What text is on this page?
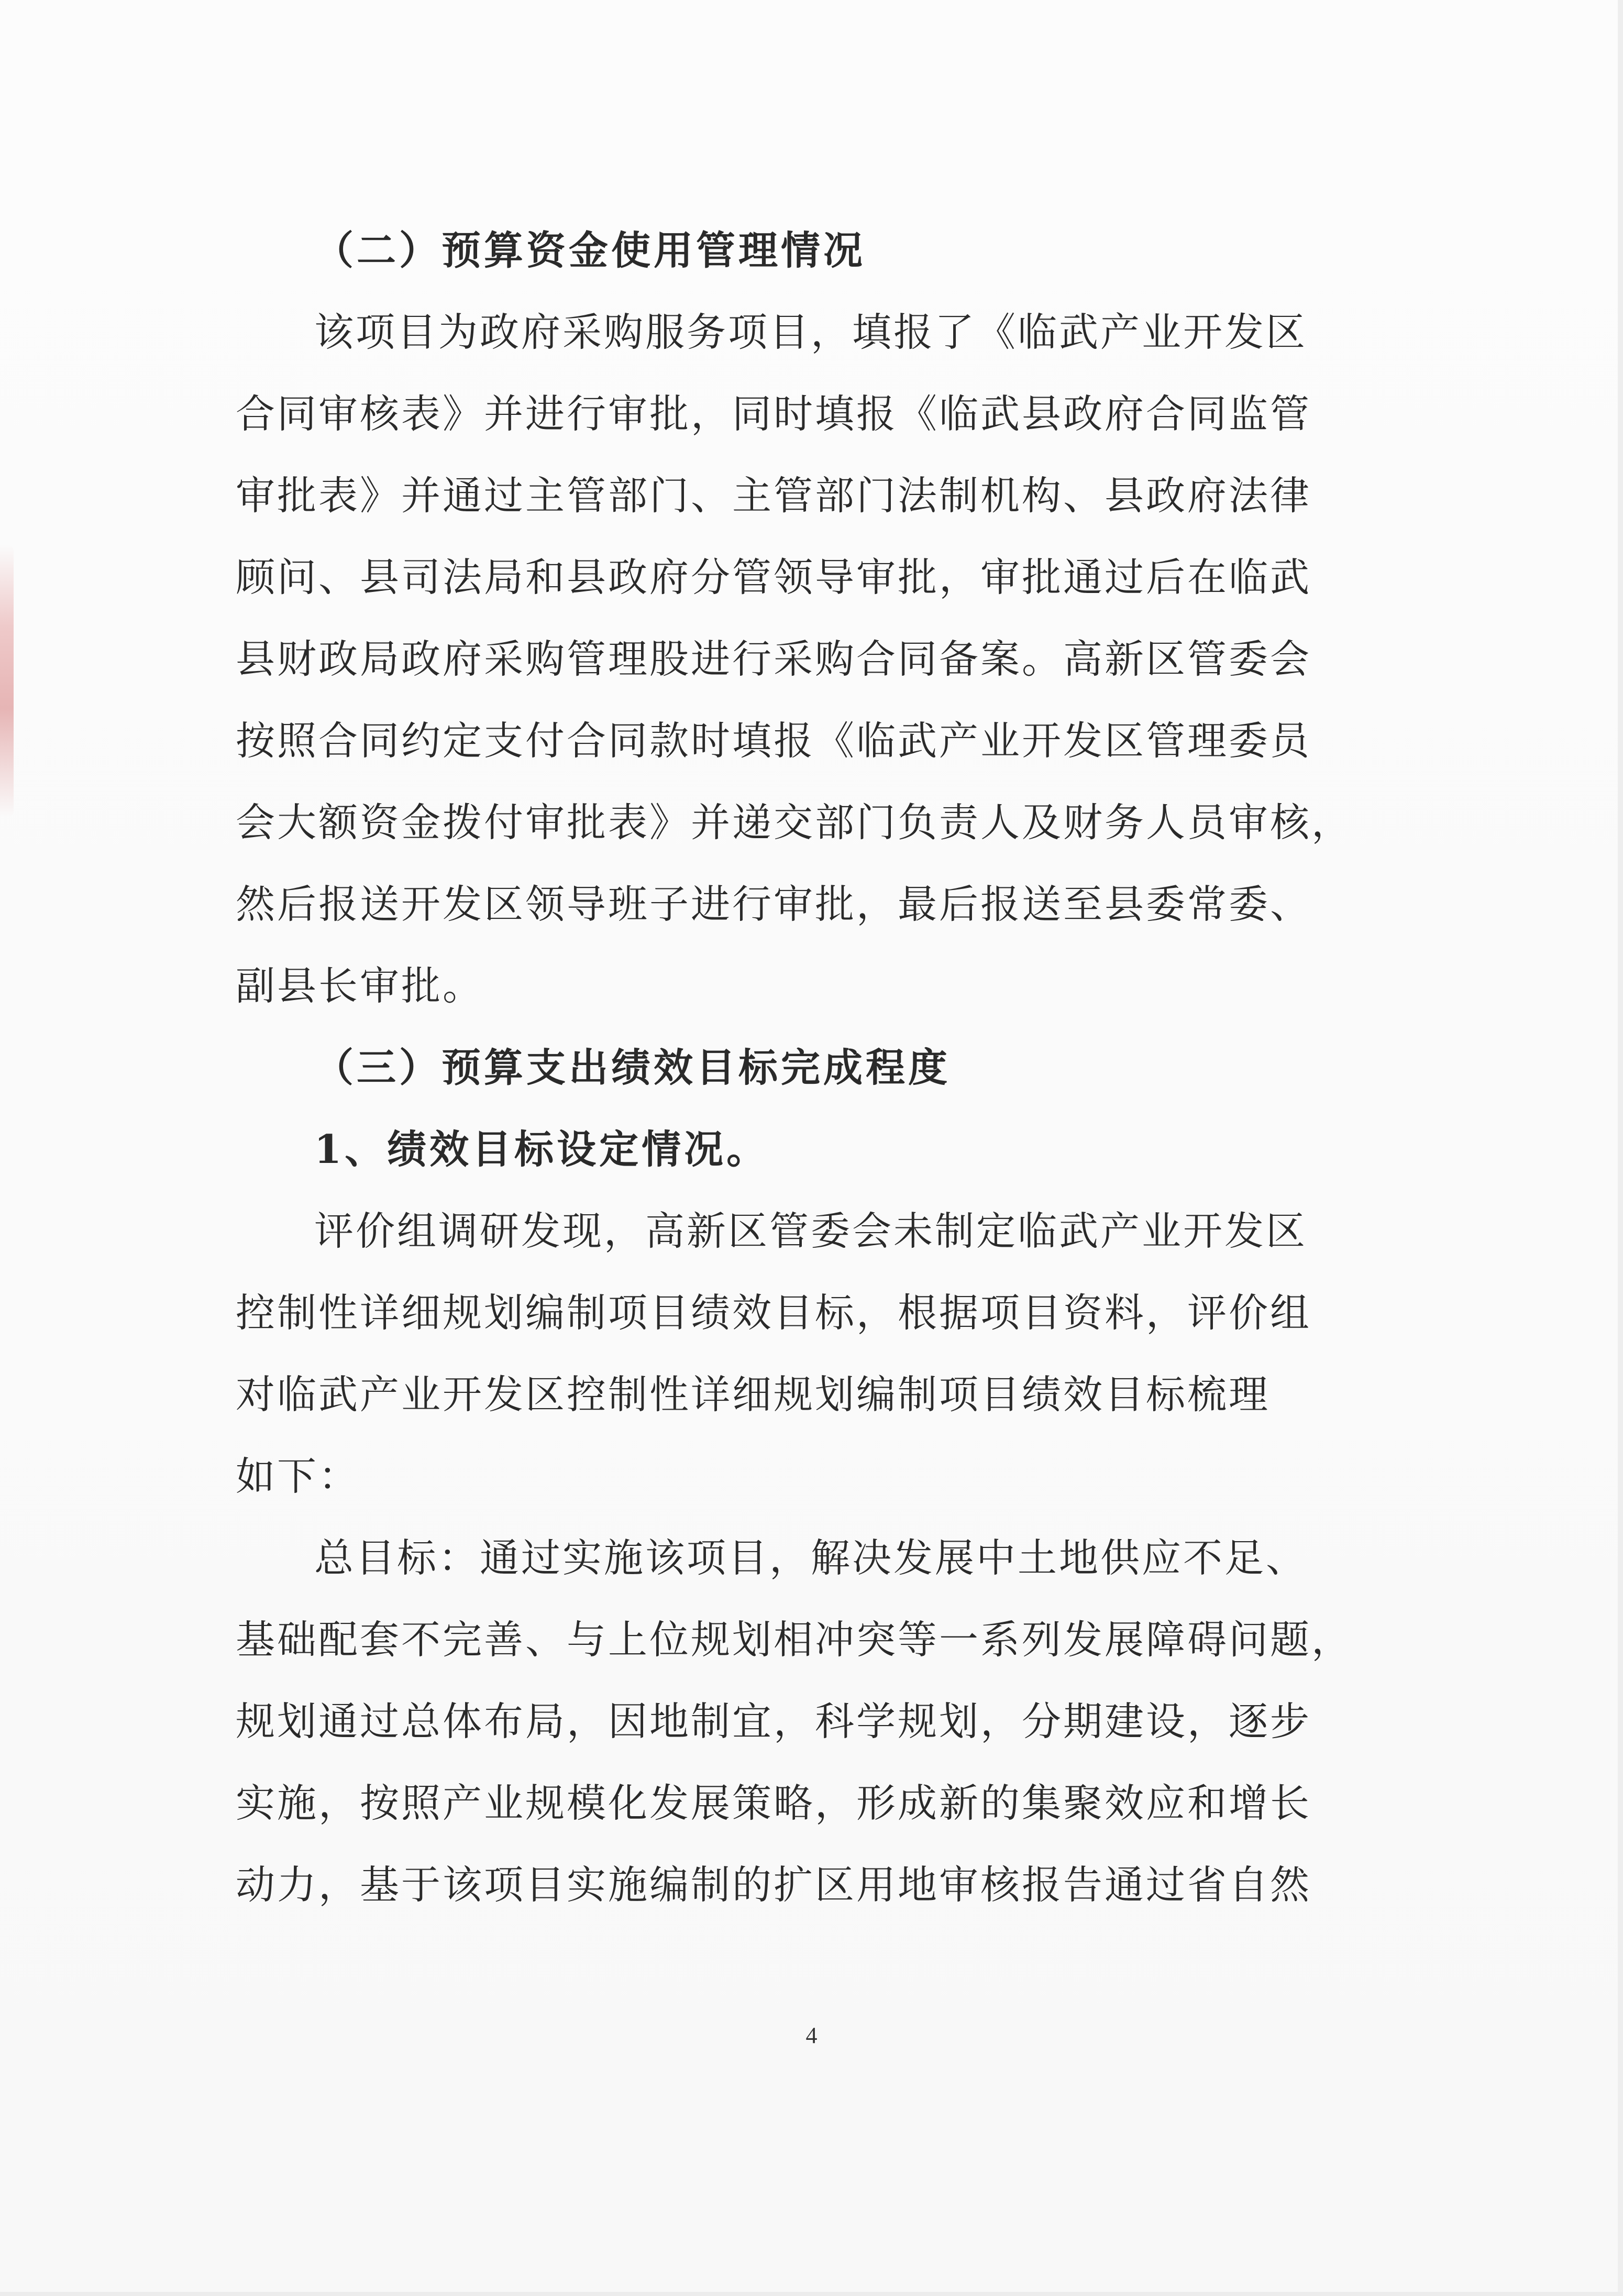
（二）预算资金使用管理情况
该项目为政府采购服务项目，填报了《临武产业开发区
合同审核表》并进行审批，同时填报《临武县政府合同监管
审批表》并通过主管部门、主管部门法制机构、县政府法律
顾问、县司法局和县政府分管领导审批，审批通过后在临武
县财政局政府采购管理股进行采购合同备案。高新区管委会
按照合同约定支付合同款时填报《临武产业开发区管理委员
会大额资金拨付审批表》并递交部门负责人及财务人员审核，
然后报送开发区领导班子进行审批，最后报送至县委常委、
副县长审批。
（三）预算支出绩效目标完成程度
1、绩效目标设定情况。
评价组调研发现，高新区管委会未制定临武产业开发区
控制性详细规划编制项目绩效目标，根据项目资料，评价组
对临武产业开发区控制性详细规划编制项目绩效目标梳理
如下：
总目标：通过实施该项目，解决发展中土地供应不足、
基础配套不完善、与上位规划相冲突等一系列发展障碍问题，
规划通过总体布局，因地制宜，科学规划，分期建设，逐步
实施，按照产业规模化发展策略，形成新的集聚效应和增长
动力，基于该项目实施编制的扩区用地审核报告通过省自然
4
